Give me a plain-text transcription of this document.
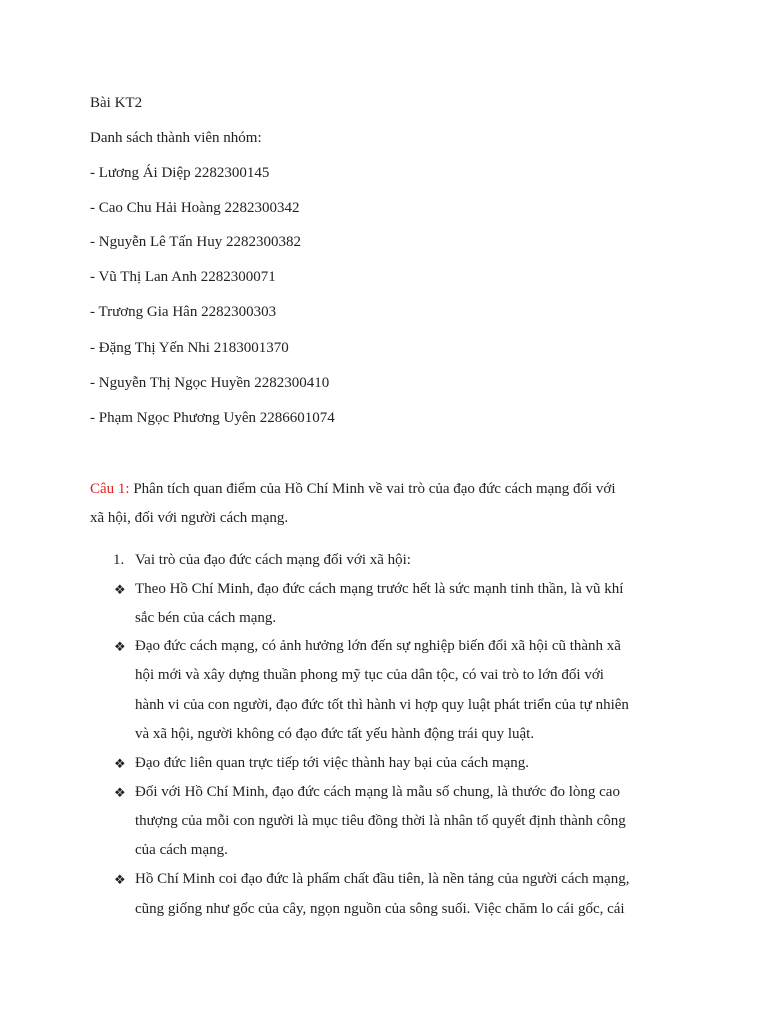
Bài KT2
Danh sách thành viên nhóm:
- Lương Ái Diệp 2282300145
- Cao Chu Hải Hoàng 2282300342
- Nguyễn Lê Tấn Huy 2282300382
- Vũ Thị Lan Anh 2282300071
- Trương Gia Hân 2282300303
- Đặng Thị Yến Nhi 2183001370
- Nguyễn Thị Ngọc Huyền 2282300410
- Phạm Ngọc Phương Uyên 2286601074
Câu 1: Phân tích quan điểm của Hồ Chí Minh về vai trò của đạo đức cách mạng đối với
xã hội, đối với người cách mạng.
1. Vai trò của đạo đức cách mạng đối với xã hội:
❖ Theo Hồ Chí Minh, đạo đức cách mạng trước hết là sức mạnh tinh thần, là vũ khí
sắc bén của cách mạng.
❖ Đạo đức cách mạng, có ảnh hưởng lớn đến sự nghiệp biến đổi xã hội cũ thành xã
hội mới và xây dựng thuần phong mỹ tục của dân tộc, có vai trò to lớn đối với
hành vi của con người, đạo đức tốt thì hành vi hợp quy luật phát triển của tự nhiên
và xã hội, người không có đạo đức tất yếu hành động trái quy luật.
❖ Đạo đức liên quan trực tiếp tới việc thành hay bại của cách mạng.
❖ Đối với Hồ Chí Minh, đạo đức cách mạng là mẫu số chung, là thước đo lòng cao
thượng của mỗi con người là mục tiêu đồng thời là nhân tố quyết định thành công
của cách mạng.
❖ Hồ Chí Minh coi đạo đức là phẩm chất đầu tiên, là nền tảng của người cách mạng,
cũng giống như gốc của cây, ngọn nguồn của sông suối. Việc chăm lo cái gốc, cái
